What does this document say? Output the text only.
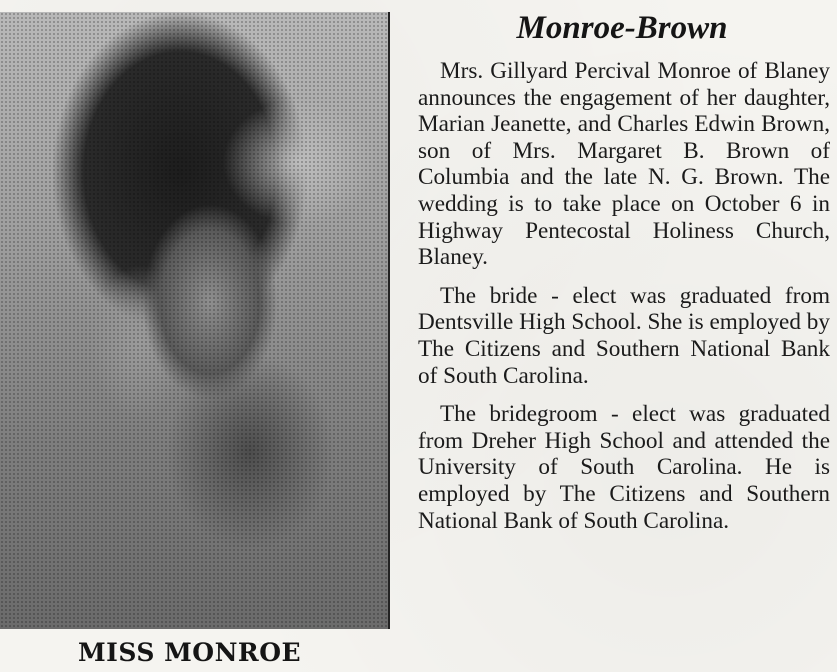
MISS MONROE
Monroe-Brown

Mrs. Gillyard Percival Monroe of Blaney announces the engagement of her daughter, Marian Jeanette, and Charles Edwin Brown, son of Mrs. Margaret B. Brown of Columbia and the late N. G. Brown. The wedding is to take place on October 6 in Highway Pentecostal Holiness Church, Blaney.

The bride - elect was graduated from Dentsville High School. She is employed by The Citizens and Southern National Bank of South Carolina.

The bridegroom - elect was graduated from Dreher High School and attended the University of South Carolina. He is employed by The Citizens and Southern National Bank of South Carolina.
